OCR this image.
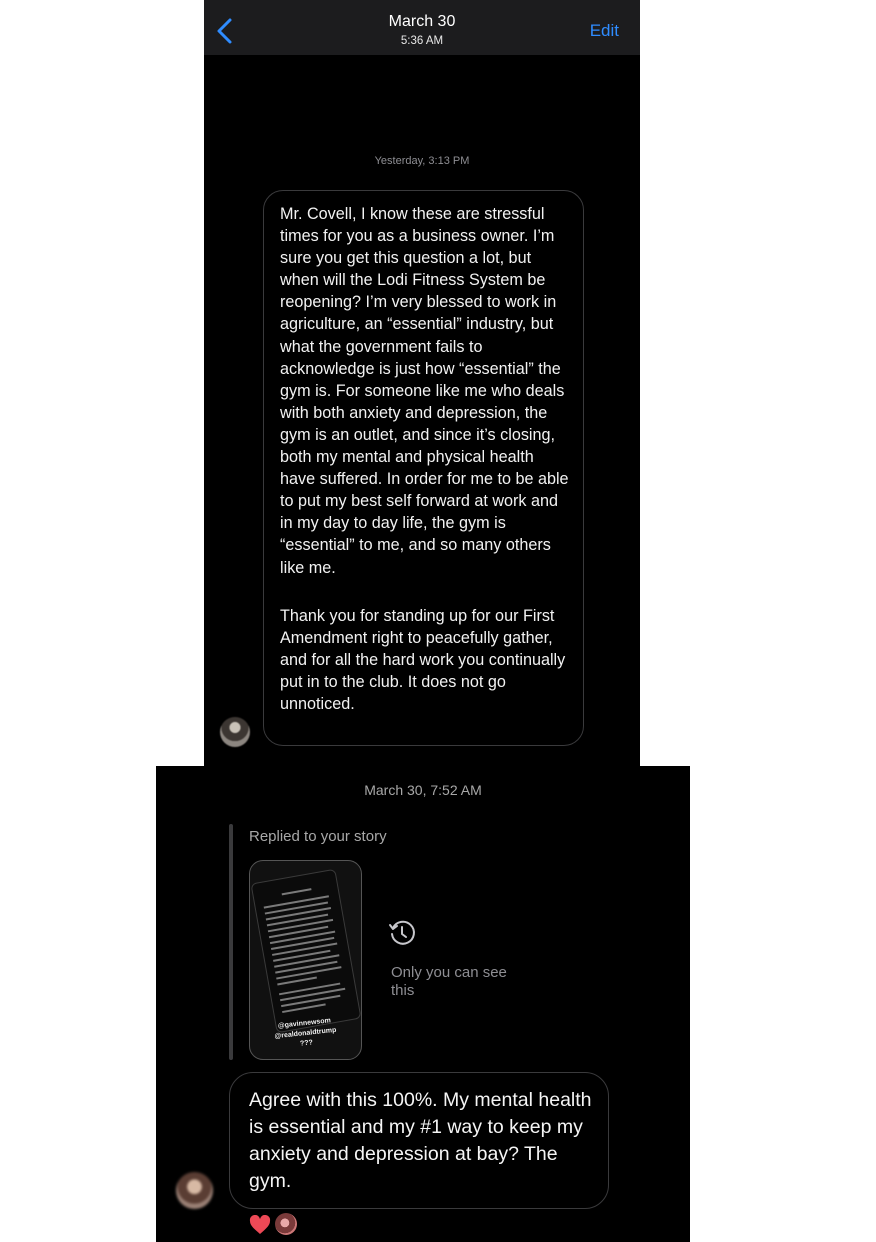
March 30
5:36 AM
Edit
Yesterday, 3:13 PM

Mr. Covell, I know these are stressful times for you as a business owner. I’m sure you get this question a lot, but when will the Lodi Fitness System be reopening? I’m very blessed to work in agriculture, an “essential” industry, but what the government fails to acknowledge is just how “essential” the gym is. For someone like me who deals with both anxiety and depression, the gym is an outlet, and since it’s closing, both my mental and physical health have suffered. In order for me to be able to put my best self forward at work and in my day to day life, the gym is “essential” to me, and so many others like me.

Thank you for standing up for our First Amendment right to peacefully gather, and for all the hard work you continually put in to the club. It does not go unnoticed.

March 30, 7:52 AM
Replied to your story
@gavinnewsom
@realdonaldtrump
???
Only you can see this
Agree with this 100%. My mental health is essential and my #1 way to keep my anxiety and depression at bay? The gym.
